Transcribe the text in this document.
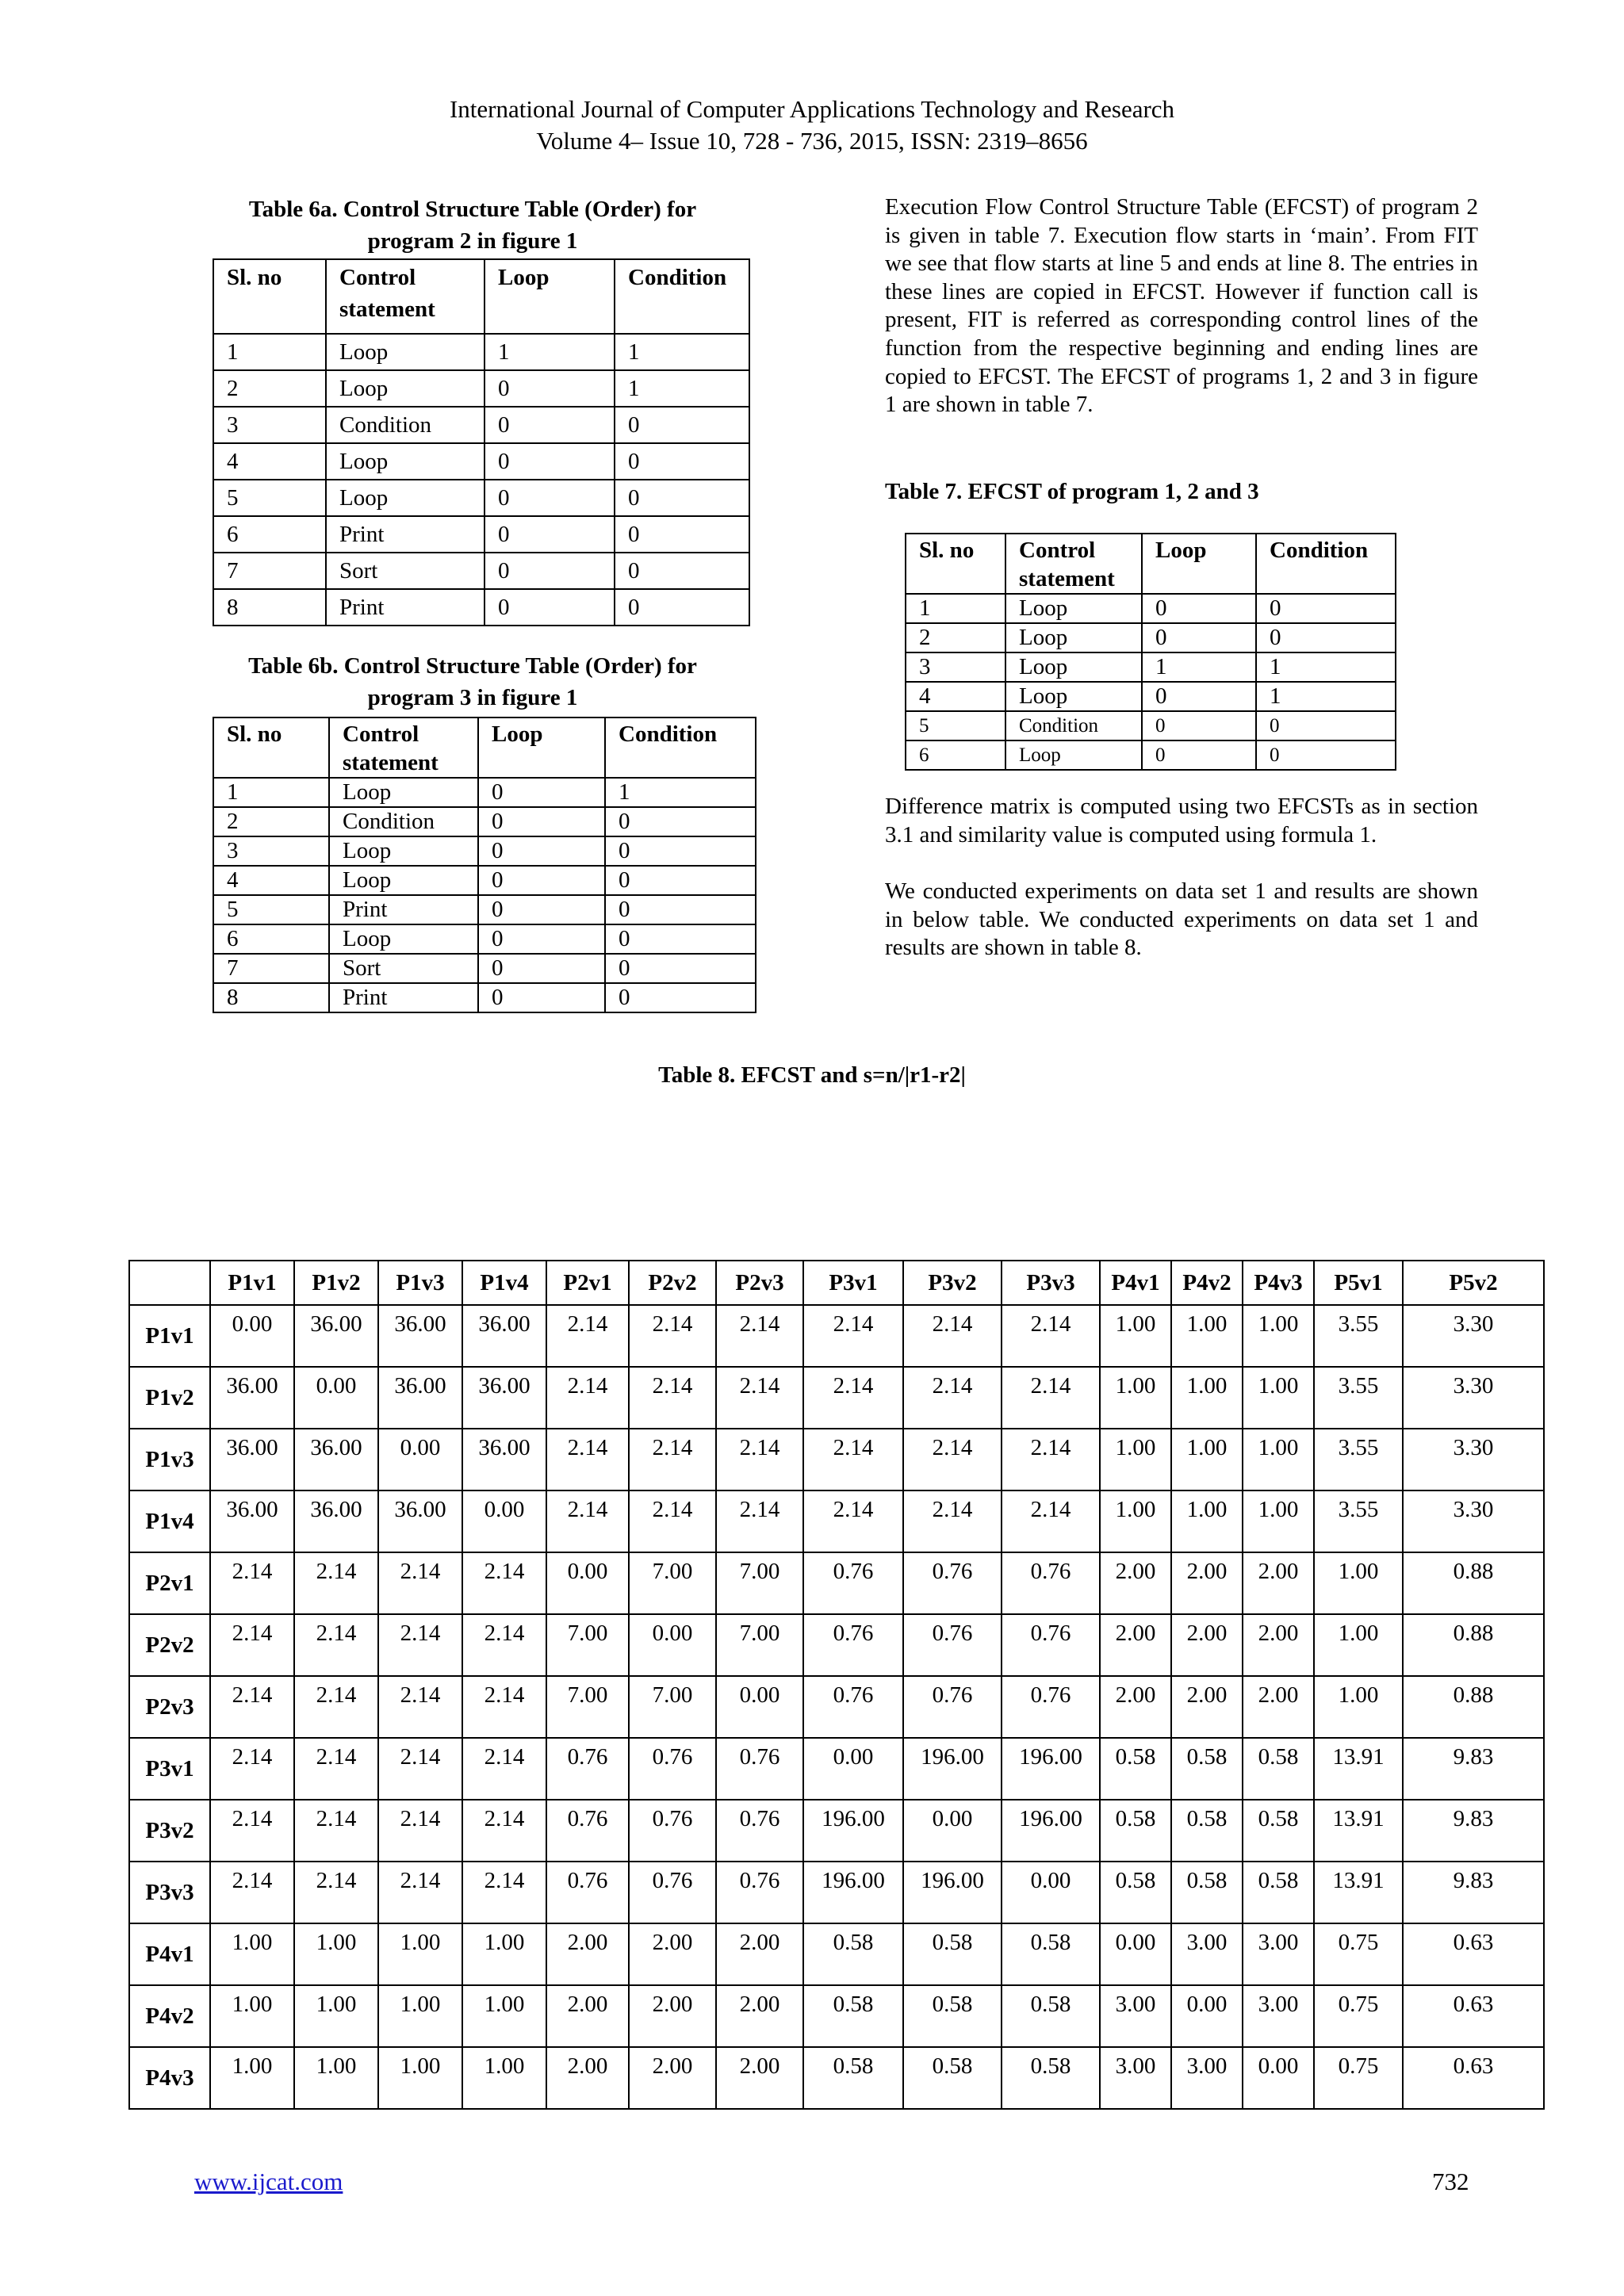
International Journal of Computer Applications Technology and Research
Volume 4– Issue 10, 728 - 736, 2015, ISSN: 2319–8656
Table 6a. Control Structure Table (Order) for
program 2 in figure 1
Sl. no	Control statement	Loop	Condition
1	Loop	1	1
2	Loop	0	1
3	Condition	0	0
4	Loop	0	0
5	Loop	0	0
6	Print	0	0
7	Sort	0	0
8	Print	0	0
Table 6b. Control Structure Table (Order) for
program 3 in figure 1
Sl. no	Control statement	Loop	Condition
1	Loop	0	1
2	Condition	0	0
3	Loop	0	0
4	Loop	0	0
5	Print	0	0
6	Loop	0	0
7	Sort	0	0
8	Print	0	0
Execution Flow Control Structure Table (EFCST) of program 2 is given in table 7. Execution flow starts in ‘main’. From FIT we see that flow starts at line 5 and ends at line 8. The entries in these lines are copied in EFCST. However if function call is present, FIT is referred as corresponding control lines of the function from the respective beginning and ending lines are copied to EFCST. The EFCST of programs 1, 2 and 3 in figure 1 are shown in table 7.
Table 7. EFCST of program 1, 2 and 3
Sl. no	Control statement	Loop	Condition
1	Loop	0	0
2	Loop	0	0
3	Loop	1	1
4	Loop	0	1
5	Condition	0	0
6	Loop	0	0
Difference matrix is computed using two EFCSTs as in section 3.1 and similarity value is computed using formula 1.
We conducted experiments on data set 1 and results are shown in below table. We conducted experiments on data set 1 and results are shown in table 8.
Table 8. EFCST and s=n/|r1-r2|
	P1v1	P1v2	P1v3	P1v4	P2v1	P2v2	P2v3	P3v1	P3v2	P3v3	P4v1	P4v2	P4v3	P5v1	P5v2
P1v1	0.00	36.00	36.00	36.00	2.14	2.14	2.14	2.14	2.14	2.14	1.00	1.00	1.00	3.55	3.30
P1v2	36.00	0.00	36.00	36.00	2.14	2.14	2.14	2.14	2.14	2.14	1.00	1.00	1.00	3.55	3.30
P1v3	36.00	36.00	0.00	36.00	2.14	2.14	2.14	2.14	2.14	2.14	1.00	1.00	1.00	3.55	3.30
P1v4	36.00	36.00	36.00	0.00	2.14	2.14	2.14	2.14	2.14	2.14	1.00	1.00	1.00	3.55	3.30
P2v1	2.14	2.14	2.14	2.14	0.00	7.00	7.00	0.76	0.76	0.76	2.00	2.00	2.00	1.00	0.88
P2v2	2.14	2.14	2.14	2.14	7.00	0.00	7.00	0.76	0.76	0.76	2.00	2.00	2.00	1.00	0.88
P2v3	2.14	2.14	2.14	2.14	7.00	7.00	0.00	0.76	0.76	0.76	2.00	2.00	2.00	1.00	0.88
P3v1	2.14	2.14	2.14	2.14	0.76	0.76	0.76	0.00	196.00	196.00	0.58	0.58	0.58	13.91	9.83
P3v2	2.14	2.14	2.14	2.14	0.76	0.76	0.76	196.00	0.00	196.00	0.58	0.58	0.58	13.91	9.83
P3v3	2.14	2.14	2.14	2.14	0.76	0.76	0.76	196.00	196.00	0.00	0.58	0.58	0.58	13.91	9.83
P4v1	1.00	1.00	1.00	1.00	2.00	2.00	2.00	0.58	0.58	0.58	0.00	3.00	3.00	0.75	0.63
P4v2	1.00	1.00	1.00	1.00	2.00	2.00	2.00	0.58	0.58	0.58	3.00	0.00	3.00	0.75	0.63
P4v3	1.00	1.00	1.00	1.00	2.00	2.00	2.00	0.58	0.58	0.58	3.00	3.00	0.00	0.75	0.63
www.ijcat.com	732
